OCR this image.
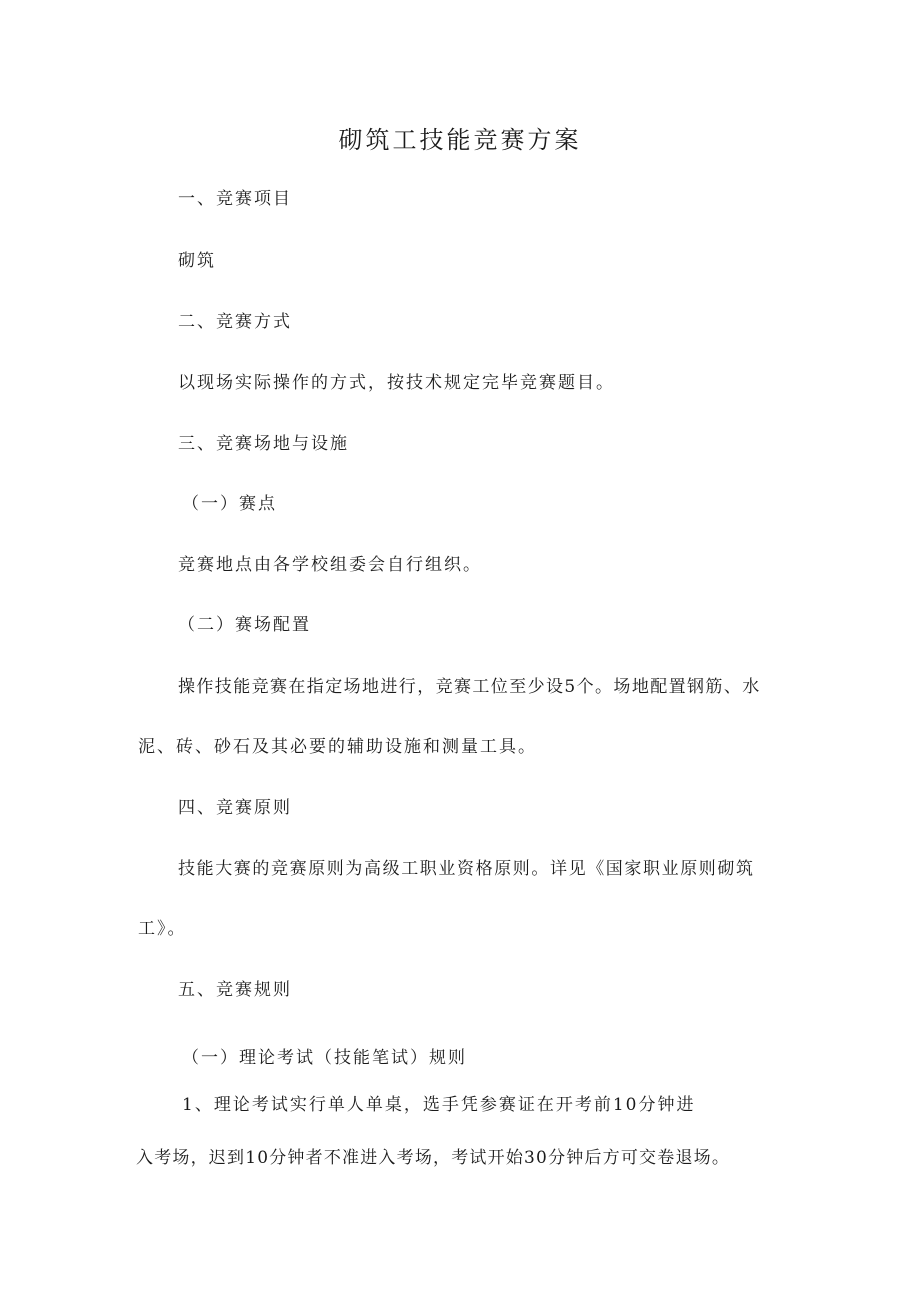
砌筑工技能竞赛方案
一、竞赛项目
砌筑
二、竞赛方式
以现场实际操作的方式，按技术规定完毕竞赛题目。
三、竞赛场地与设施
（一）赛点
竞赛地点由各学校组委会自行组织。
（二）赛场配置
操作技能竞赛在指定场地进行，竞赛工位至少设5个。场地配置钢筋、水
泥、砖、砂石及其必要的辅助设施和测量工具。
四、竞赛原则
技能大赛的竞赛原则为高级工职业资格原则。详见《国家职业原则砌筑
工》。
五、竞赛规则
（一）理论考试（技能笔试）规则
1、理论考试实行单人单桌，选手凭参赛证在开考前10分钟进
入考场，迟到10分钟者不准进入考场，考试开始30分钟后方可交卷退场。
